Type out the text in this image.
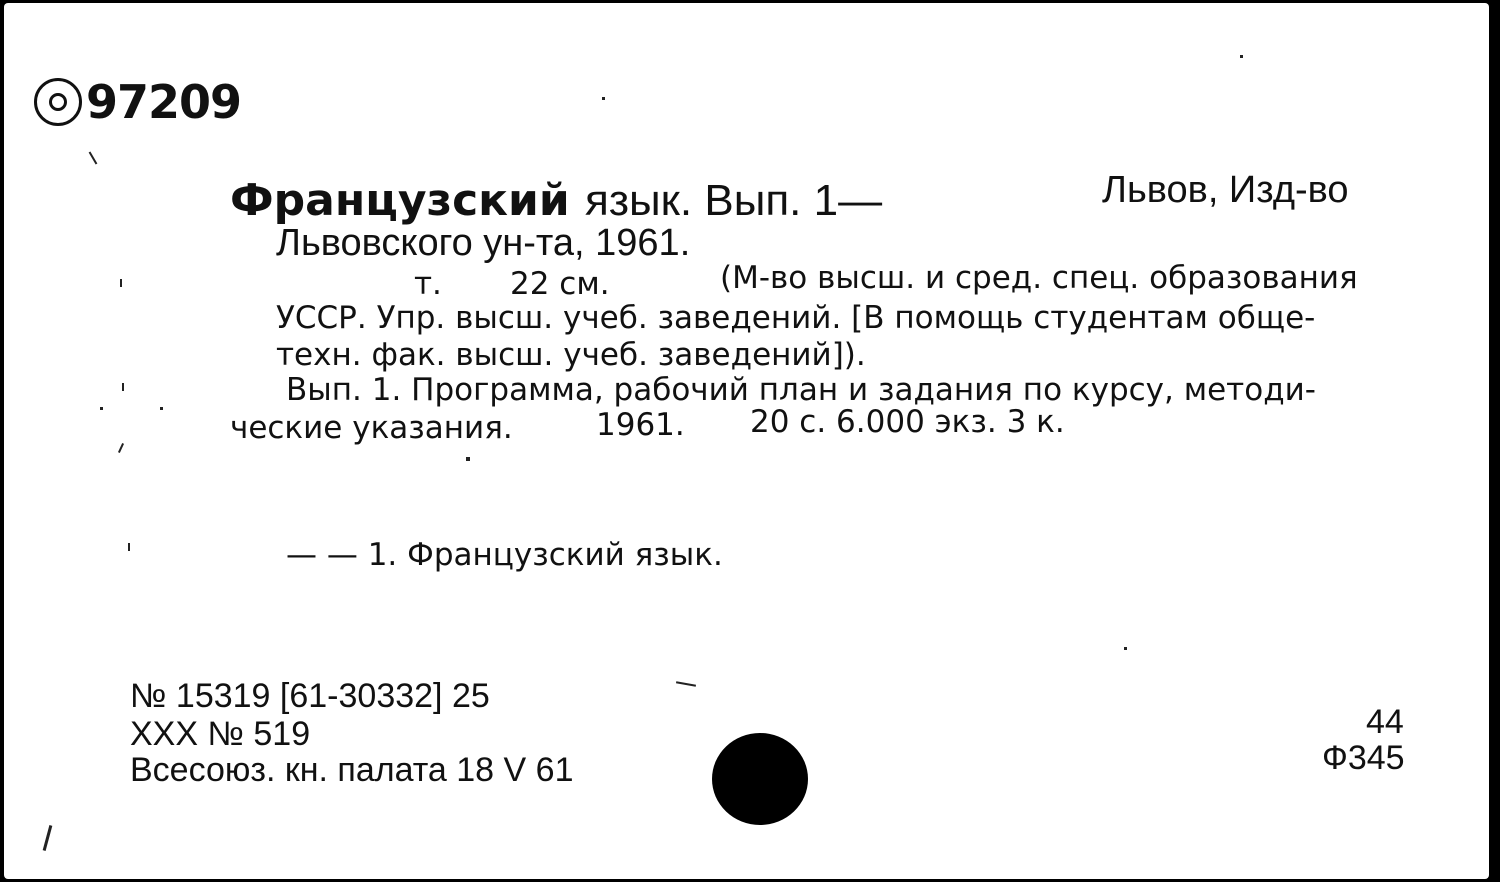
97209
Французский язык. Вып. 1—	Львов, Изд-во
Львовского ун-та, 1961.
т. 22 см.	(М-во высш. и сред. спец. образования
УССР. Упр. высш. учеб. заведений. [В помощь студентам обще-
техн. фак. высш. учеб. заведений]).
Вып. 1. Программа, рабочий план и задания по курсу, методи-
ческие указания.	1961. 20 с. 6.000 экз. 3 к.
— — 1. Французский язык.
№ 15319 [61-30332] 25
XXX № 519
Всесоюз. кн. палата 18 V 61
44
Ф345
